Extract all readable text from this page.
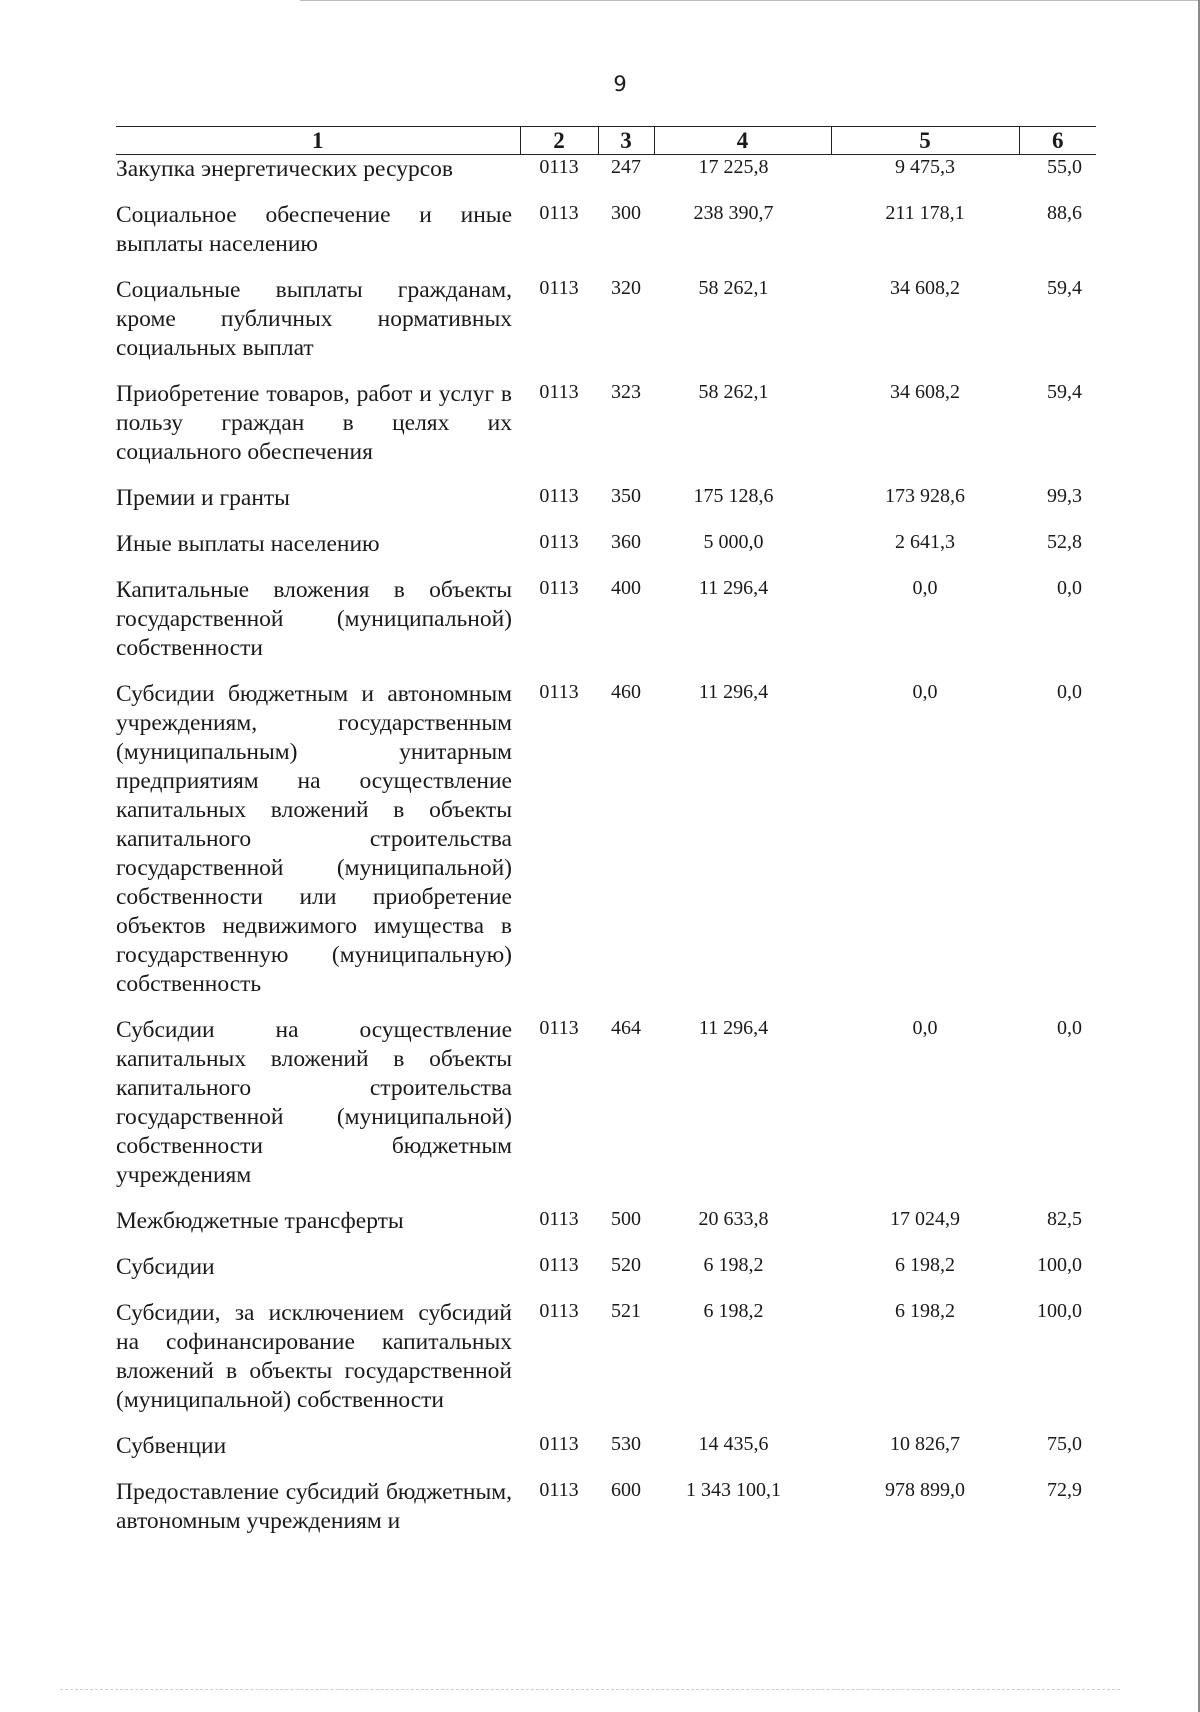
9
1	2	3	4	5	6
Закупка энергетических ресурсов	0113	247	17 225,8	9 475,3	55,0
Социальное обеспечение и иные выплаты населению	0113	300	238 390,7	211 178,1	88,6
Социальные выплаты гражданам, кроме публичных нормативных социальных выплат	0113	320	58 262,1	34 608,2	59,4
Приобретение товаров, работ и услуг в пользу граждан в целях их социального обеспечения	0113	323	58 262,1	34 608,2	59,4
Премии и гранты	0113	350	175 128,6	173 928,6	99,3
Иные выплаты населению	0113	360	5 000,0	2 641,3	52,8
Капитальные вложения в объекты государственной (муниципальной) собственности	0113	400	11 296,4	0,0	0,0
Субсидии бюджетным и автономным учреждениям, государственным (муниципальным) унитарным предприятиям на осуществление капитальных вложений в объекты капитального строительства государственной (муниципальной) собственности или приобретение объектов недвижимого имущества в государственную (муниципальную) собственность	0113	460	11 296,4	0,0	0,0
Субсидии на осуществление капитальных вложений в объекты капитального строительства государственной (муниципальной) собственности бюджетным учреждениям	0113	464	11 296,4	0,0	0,0
Межбюджетные трансферты	0113	500	20 633,8	17 024,9	82,5
Субсидии	0113	520	6 198,2	6 198,2	100,0
Субсидии, за исключением субсидий на софинансирование капитальных вложений в объекты государственной (муниципальной) собственности	0113	521	6 198,2	6 198,2	100,0
Субвенции	0113	530	14 435,6	10 826,7	75,0
Предоставление субсидий бюджетным, автономным учреждениям и	0113	600	1 343 100,1	978 899,0	72,9
